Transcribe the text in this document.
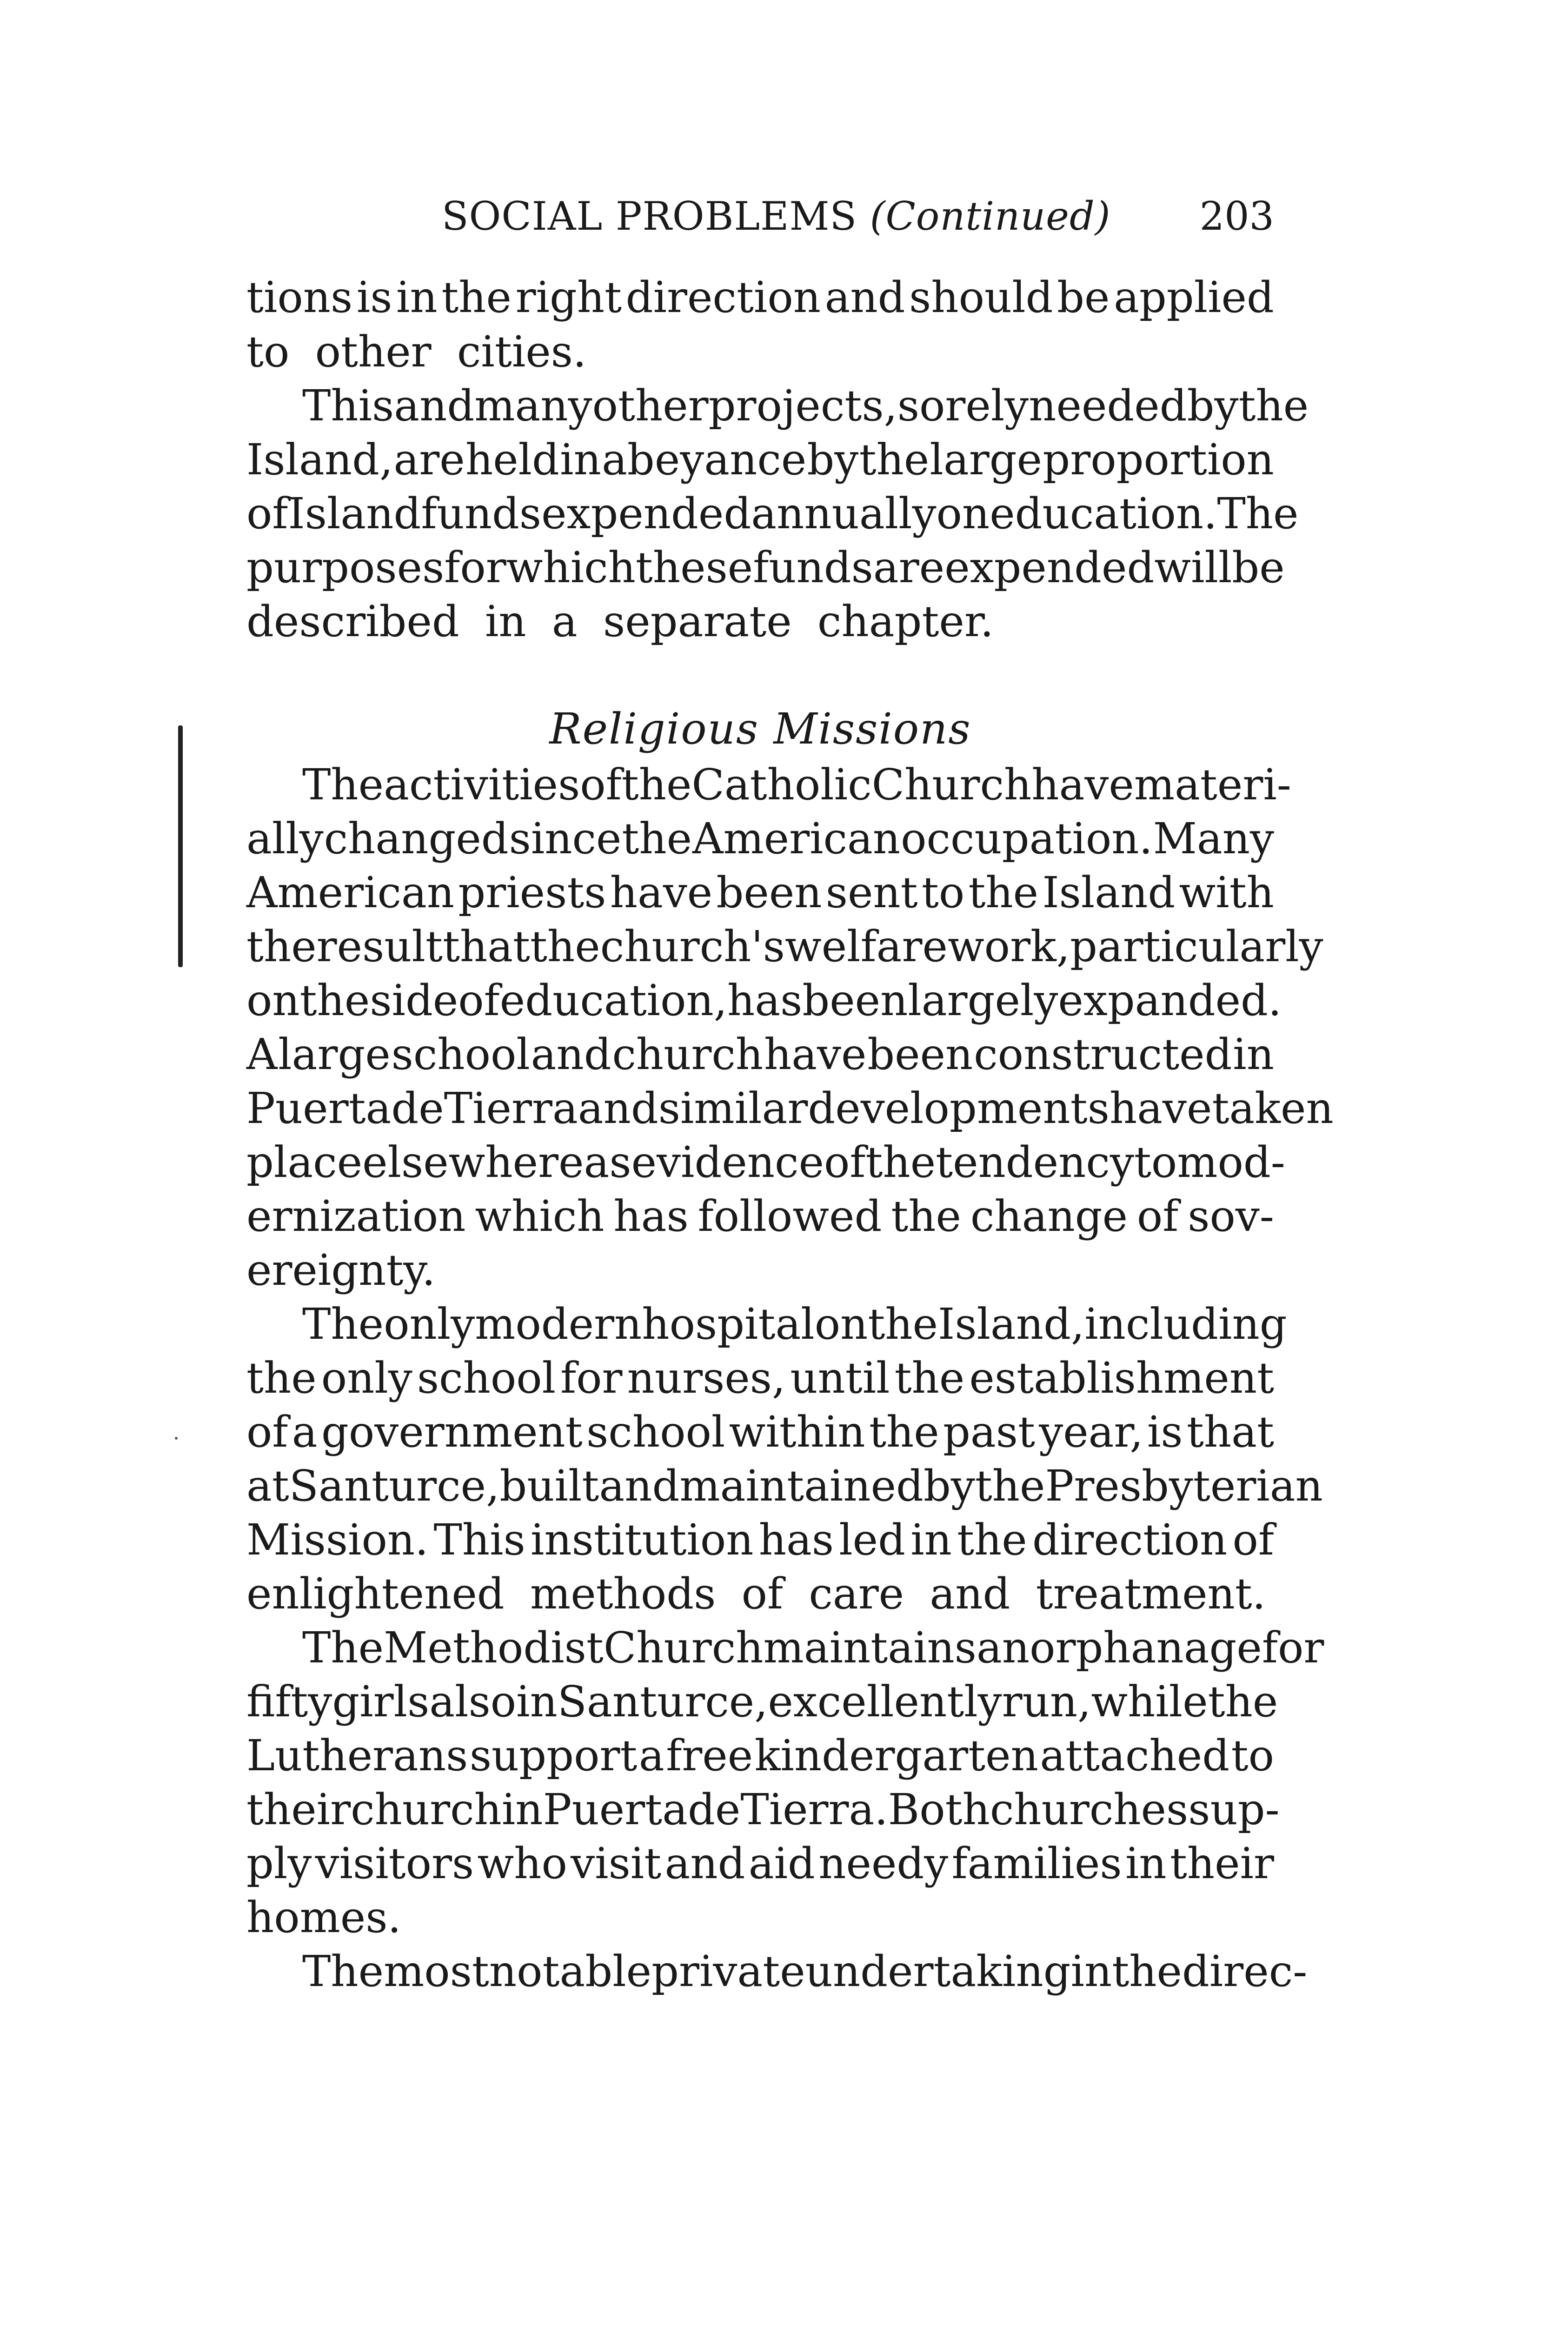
SOCIAL PROBLEMS (Continued) 203
Religious Missions
tions is in the right direction and should be applied
to other cities.
This and many other projects, sorely needed by the
Island, are held in abeyance by the large proportion
of Island funds expended annually on education. The
purposes for which these funds are expended will be
described in a separate chapter.
The activities of the Catholic Church have materi-
ally changed since the American occupation. Many
American priests have been sent to the Island with
the result that the church's welfare work, particularly
on the side of education, has been largely expanded.
A large school and church have been constructed in
Puerta de Tierra and similar developments have taken
place elsewhere as evidence of the tendency to mod-
ernization which has followed the change of sov-
ereignty.
The only modern hospital on the Island, including
the only school for nurses, until the establishment
of a government school within the past year, is that
at Santurce, built and maintained by the Presbyterian
Mission. This institution has led in the direction of
enlightened methods of care and treatment.
The Methodist Church maintains an orphanage for
fifty girls also in Santurce, excellently run, while the
Lutherans support a free kindergarten attached to
their church in Puerta de Tierra. Both churches sup-
ply visitors who visit and aid needy families in their
homes.
The most notable private undertaking in the direc-
